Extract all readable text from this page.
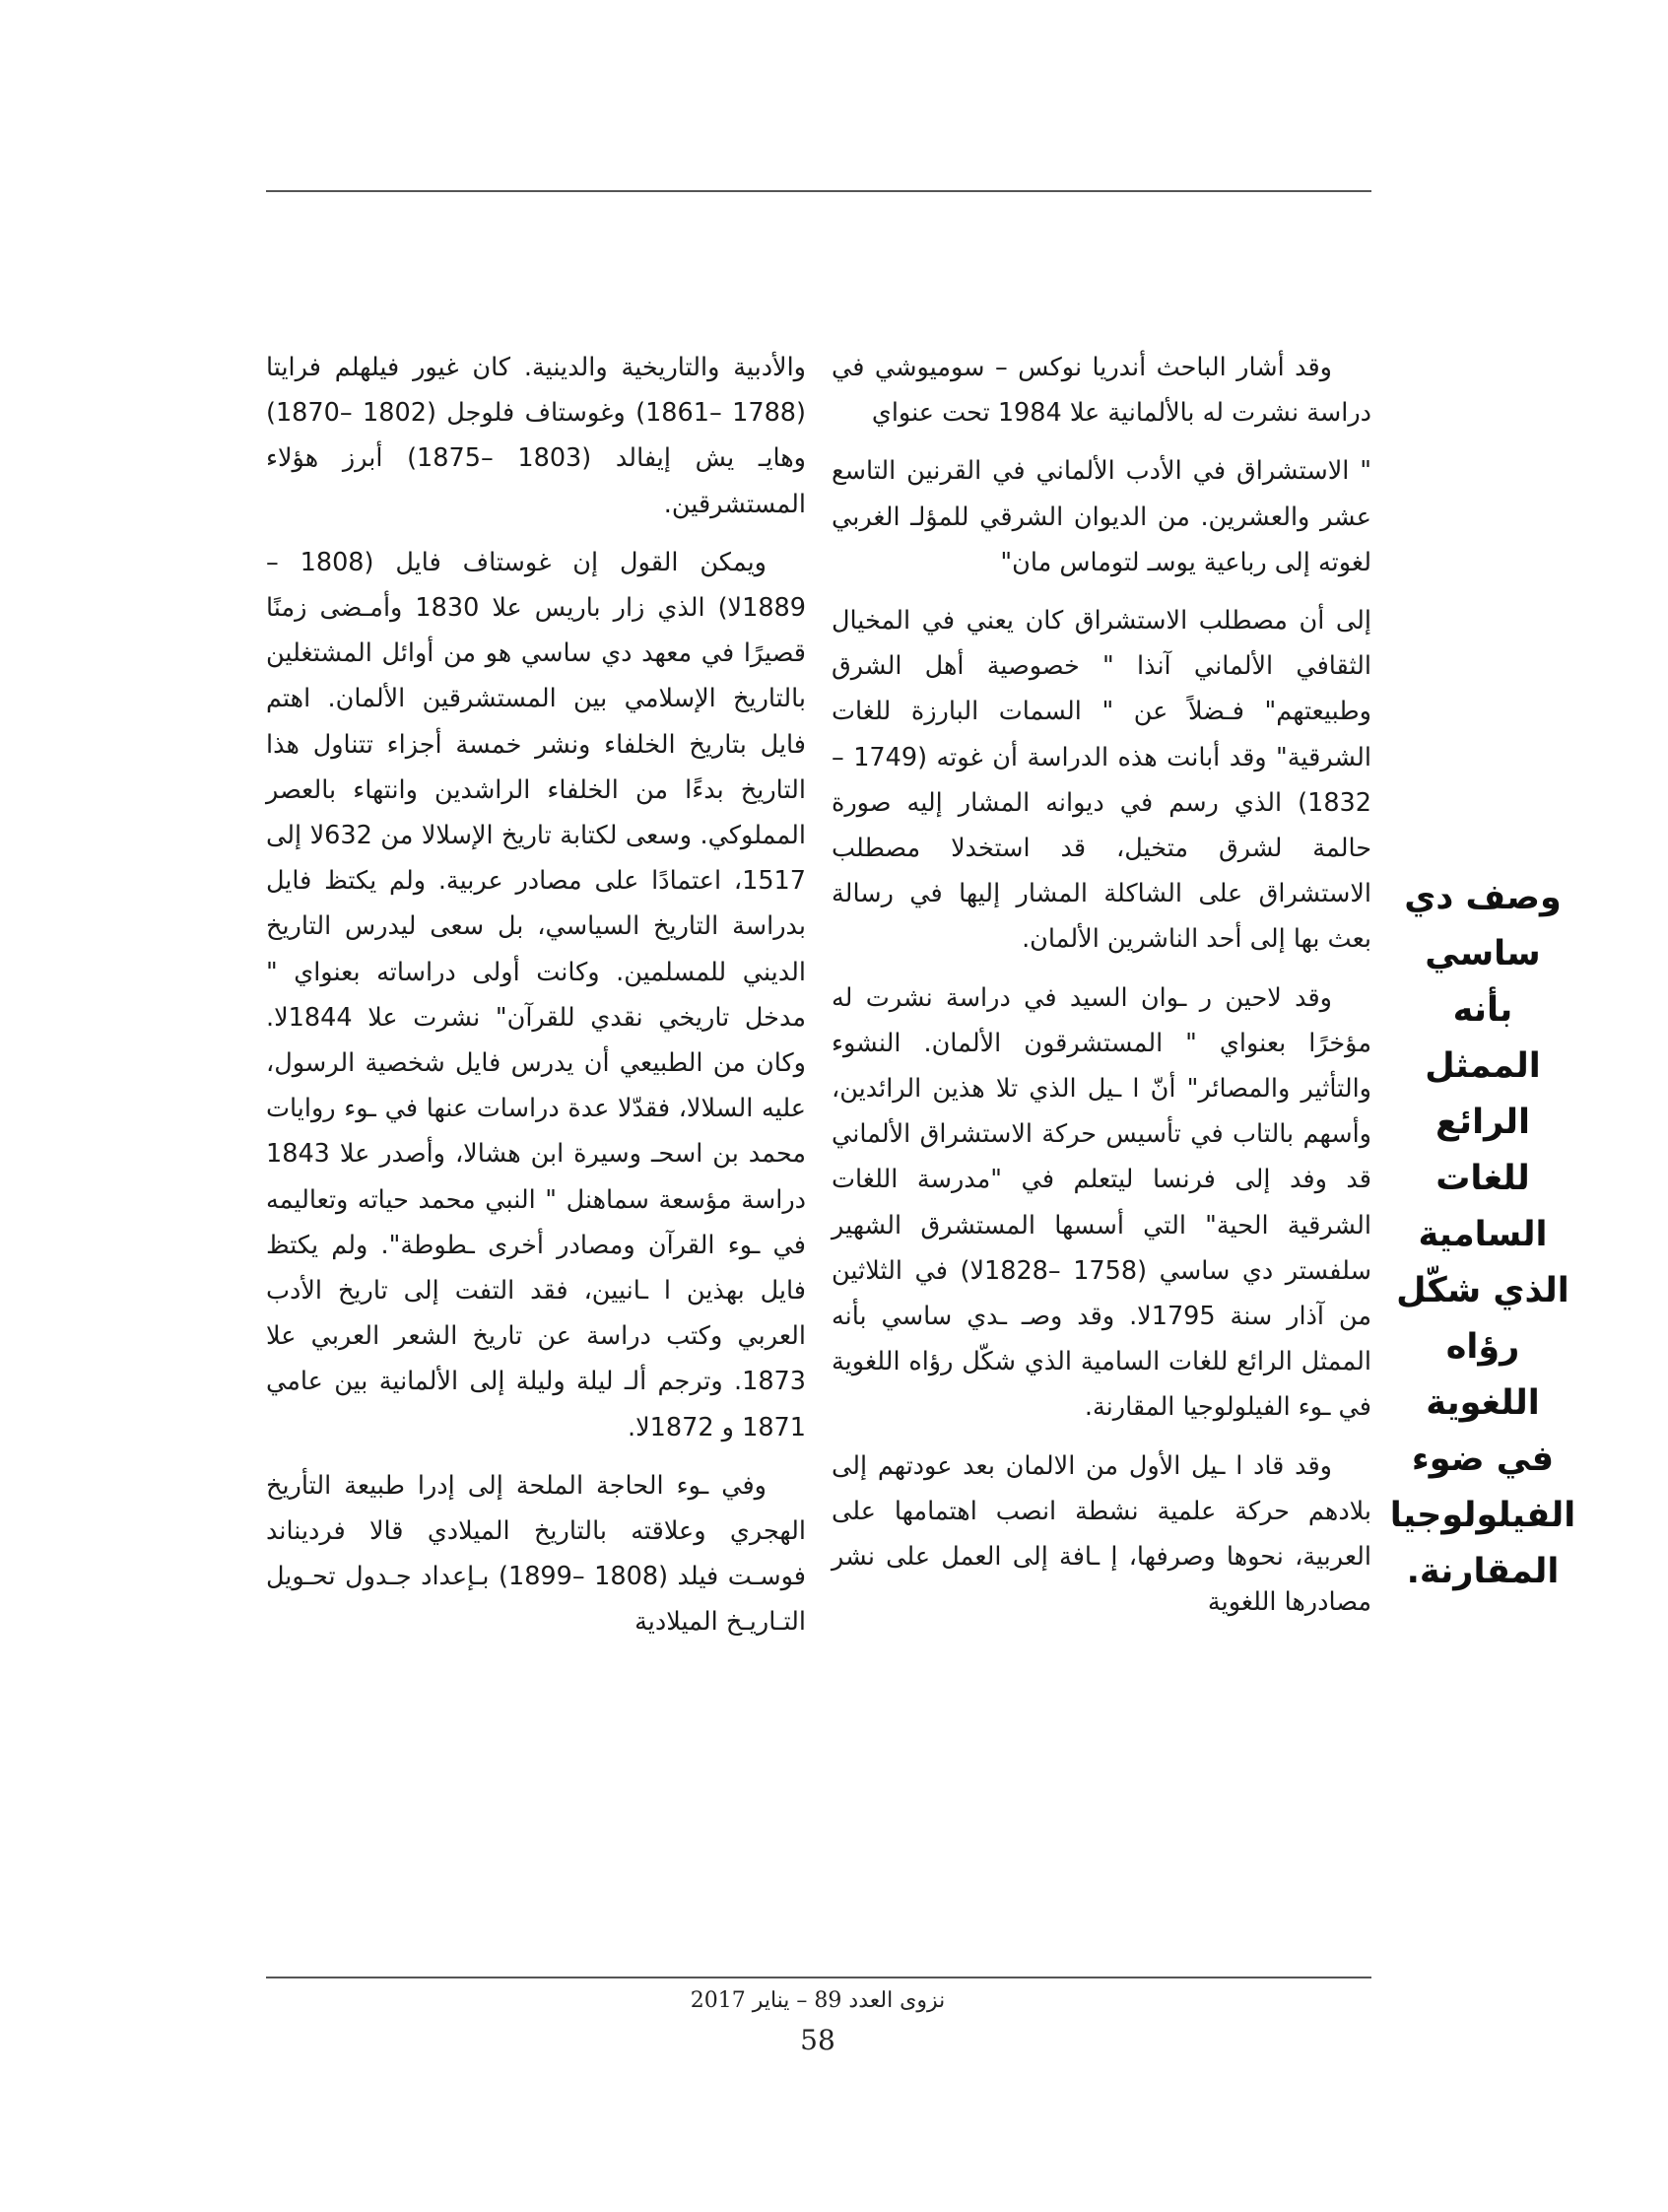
وقد أشار الباحث أندريا نوكس – سوميوشي في دراسة نشرت له بالألمانية علا 1984 تحت عنواي

" الاستشراق في الأدب الألماني في القرنين التاسع عشر والعشرين. من الديوان الشرقي للمؤلـ الغربي لغوته إلى رباعية يوسـ لتوماس مان"

إلى أن مصطلب الاستشراق كان يعني في المخيال الثقافي الألماني آنذا " خصوصية أهل الشرق وطبيعتهم" فـضلاً عن " السمات البارزة للغات الشرقية" وقد أبانت هذه الدراسة أن غوته (1749 –1832) الذي رسم في ديوانه المشار إليه صورة حالمة لشرق متخيل، قد استخدلا مصطلب الاستشراق على الشاكلة المشار إليها في رسالة بعث بها إلى أحد الناشرين الألمان.

وقد لاحين ر ـوان السيد في دراسة نشرت له مؤخرًا بعنواي " المستشرقون الألمان. النشوء والتأثير والمصائر" أنّ ا ـيل الذي تلا هذين الرائدين، وأسهم بالتاب في تأسيس حركة الاستشراق الألماني قد وفد إلى فرنسا ليتعلم في "مدرسة اللغات الشرقية الحية" التي أسسها المستشرق الشهير سلفستر دي ساسي (1758 –1828لا) في الثلاثين من آذار سنة 1795لا. وقد وصـ ـدي ساسي بأنه الممثل الرائع للغات السامية الذي شكّل رؤاه اللغوية في ـوء الفيلولوجيا المقارنة.

وقد قاد ا ـيل الأول من الالمان بعد عودتهم إلى بلادهم حركة علمية نشطة انصب اهتمامها على العربية، نحوها وصرفها، إ ـافة إلى العمل على نشر مصادرها اللغوية

والأدبية والتاريخية والدينية. كان غيور فيلهلم فرايتا (1788 –1861) وغوستاف فلوجل (1802 –1870) وهايـ يش إيفالد (1803 –1875) أبرز هؤلاء المستشرقين.

ويمكن القول إن غوستاف فايل (1808 –1889لا) الذي زار باريس علا 1830 وأمـضى زمنًا قصيرًا في معهد دي ساسي هو من أوائل المشتغلين بالتاريخ الإسلامي بين المستشرقين الألمان. اهتم فايل بتاريخ الخلفاء ونشر خمسة أجزاء تتناول هذا التاريخ بدءًا من الخلفاء الراشدين وانتهاء بالعصر المملوكي. وسعى لكتابة تاريخ الإسلالا من 632لا إلى 1517، اعتمادًا على مصادر عربية. ولم يكتظ فايل بدراسة التاريخ السياسي، بل سعى ليدرس التاريخ الديني للمسلمين. وكانت أولى دراساته بعنواي " مدخل تاريخي نقدي للقرآن" نشرت علا 1844لا. وكان من الطبيعي أن يدرس فايل شخصية الرسول، عليه السلالا، فقدّلا عدة دراسات عنها في ـوء روايات محمد بن اسحـ وسيرة ابن هشالا، وأصدر علا 1843 دراسة مؤسعة سماهنل " النبي محمد حياته وتعاليمه في ـوء القرآن ومصادر أخرى ـطوطة". ولم يكتظ فايل بهذين ا ـانيين، فقد التفت إلى تاريخ الأدب العربي وكتب دراسة عن تاريخ الشعر العربي علا 1873. وترجم ألـ ليلة وليلة إلى الألمانية بين عامي 1871 و 1872لا.

وفي ـوء الحاجة الملحة إلى إدرا طبيعة التأريخ الهجري وعلاقته بالتاريخ الميلادي قالا فرديناند فوسـت فيلد (1808 –1899) بـإعداد جـدول تحـويل التـاريـخ الميلادية

وصف دي
ساسي بأنه
الممثل الرائع
للغات السامية
الذي شكّل
رؤاه اللغوية
في ضوء
الفيلولوجيا
المقارنة.
نزوى العدد 89 – يناير 2017
58
